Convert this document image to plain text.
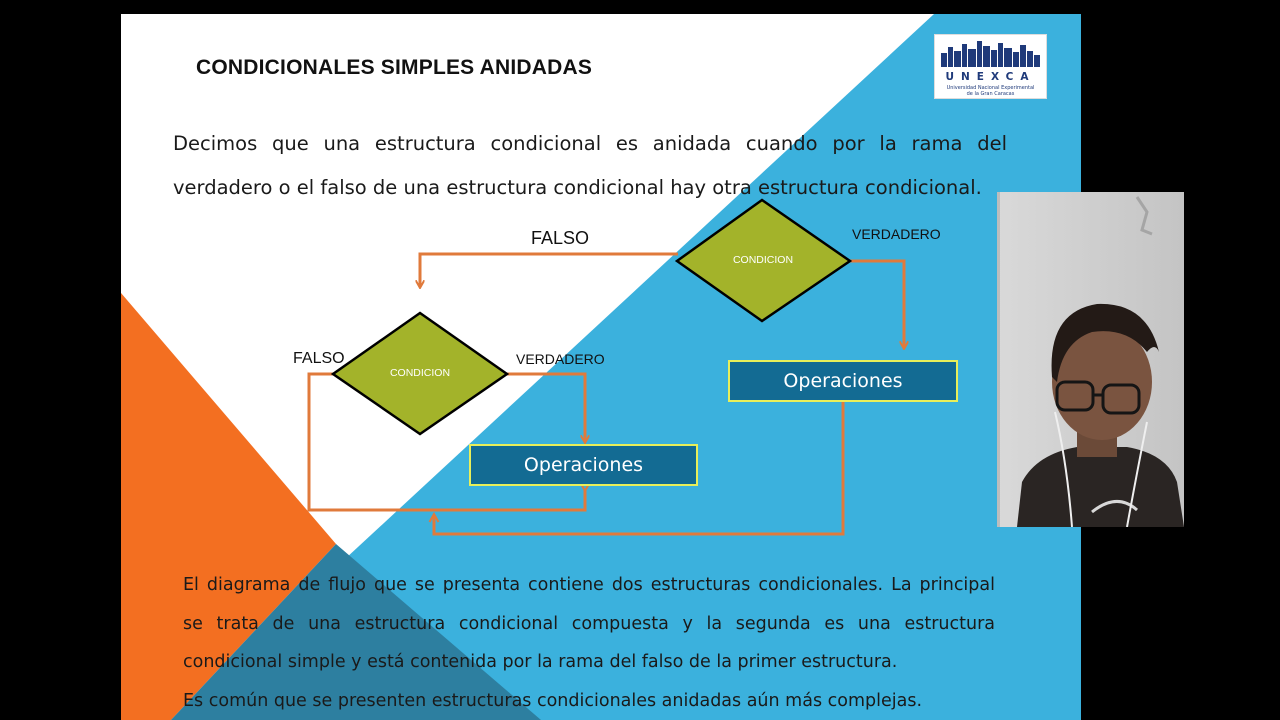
CONDICIONALES SIMPLES ANIDADAS
Decimos que una estructura condicional es anidada cuando por la rama del
verdadero o el falso de una estructura condicional hay otra estructura condicional.
UNEXCA
Universidad Nacional Experimental
de la Gran Caracas
CONDICION
CONDICION
FALSO	VERDADERO
FALSO	VERDADERO
Operaciones
Operaciones
El diagrama de flujo que se presenta contiene dos estructuras condicionales. La principal
se trata de una estructura condicional compuesta y la segunda es una estructura
condicional simple y está contenida por la rama del falso de la primer estructura.
Es común que se presenten estructuras condicionales anidadas aún más complejas.
